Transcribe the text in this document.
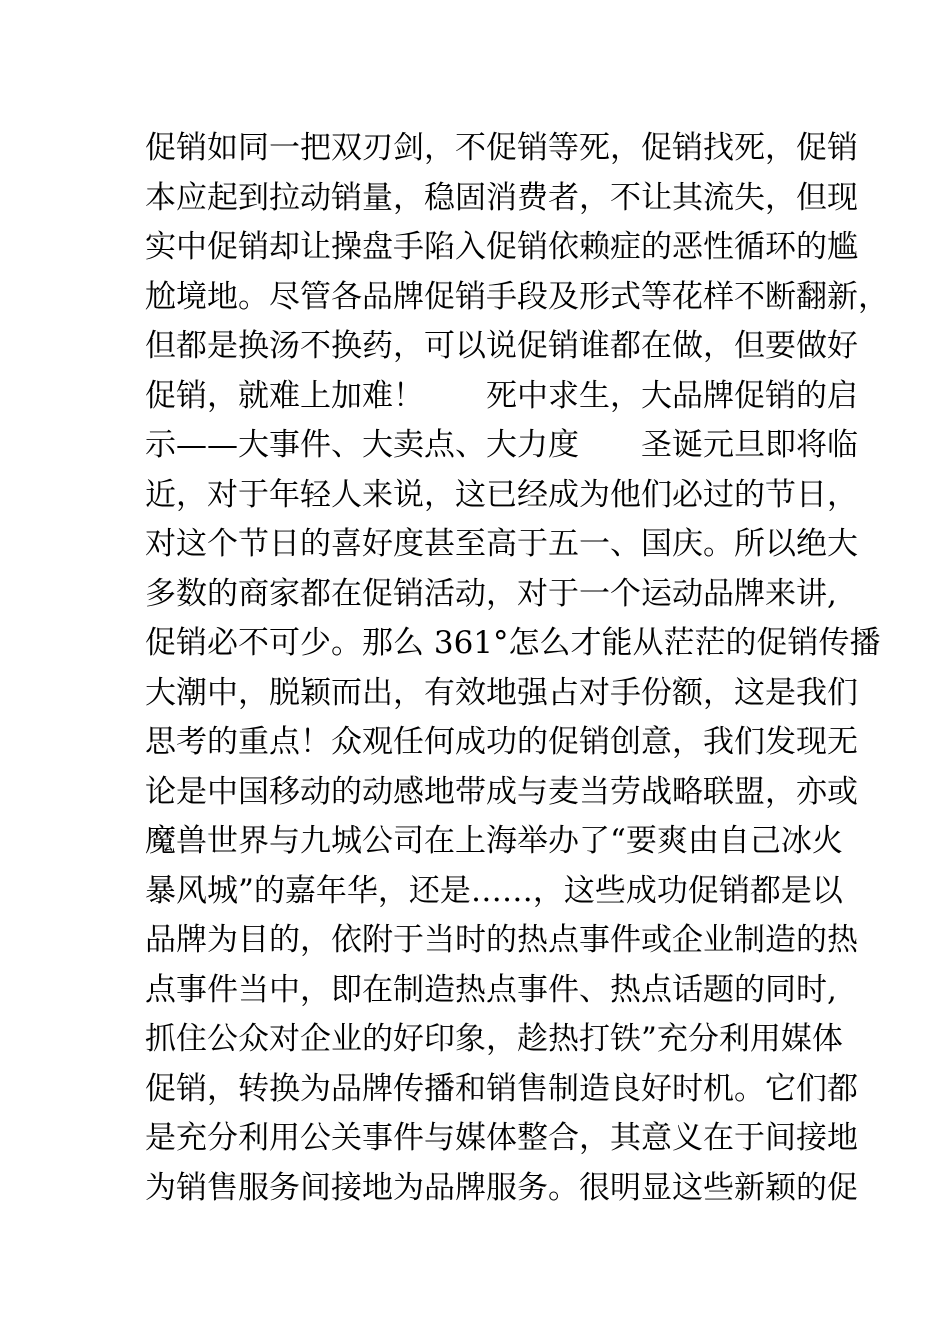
促销如同一把双刃剑，不促销等死，促销找死，促销
本应起到拉动销量，稳固消费者，不让其流失，但现
实中促销却让操盘手陷入促销依赖症的恶性循环的尴
尬境地。尽管各品牌促销手段及形式等花样不断翻新，
但都是换汤不换药，可以说促销谁都在做，但要做好
促销，就难上加难！　　死中求生，大品牌促销的启
示——大事件、大卖点、大力度　　圣诞元旦即将临
近，对于年轻人来说，这已经成为他们必过的节日，
对这个节日的喜好度甚至高于五一、国庆。所以绝大
多数的商家都在促销活动，对于一个运动品牌来讲,
促销必不可少。那么 361°怎么才能从茫茫的促销传播
大潮中，脱颖而出，有效地强占对手份额，这是我们
思考的重点！众观任何成功的促销创意，我们发现无
论是中国移动的动感地带成与麦当劳战略联盟，亦或
魔兽世界与九城公司在上海举办了“要爽由自己冰火
暴风城”的嘉年华，还是……，这些成功促销都是以
品牌为目的，依附于当时的热点事件或企业制造的热
点事件当中，即在制造热点事件、热点话题的同时,
抓住公众对企业的好印象，趁热打铁”充分利用媒体
促销，转换为品牌传播和销售制造良好时机。它们都
是充分利用公关事件与媒体整合，其意义在于间接地
为销售服务间接地为品牌服务。很明显这些新颖的促
